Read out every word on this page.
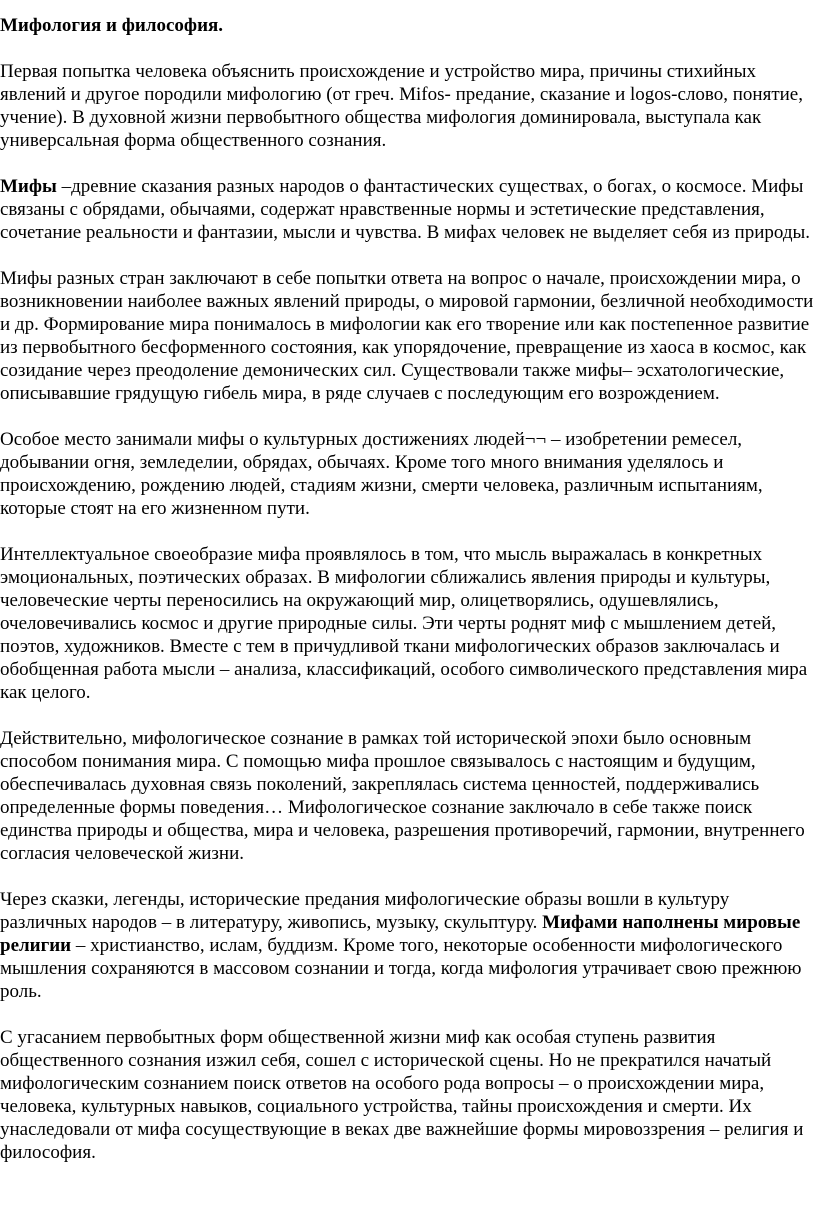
Мифология и философия.

Первая попытка человека объяснить происхождение и устройство мира, причины стихийных явлений и другое породили мифологию (от греч. Mifos- предание, сказание и logos-слово, понятие, учение). В духовной жизни первобытного общества мифология доминировала, выступала как универсальная форма общественного сознания.

Мифы –древние сказания разных народов о фантастических существах, о богах, о космосе. Мифы связаны с обрядами, обычаями, содержат нравственные нормы и эстетические представления, сочетание реальности и фантазии, мысли и чувства. В мифах человек не выделяет себя из природы.

Мифы разных стран заключают в себе попытки ответа на вопрос о начале, происхождении мира, о возникновении наиболее важных явлений природы, о мировой гармонии, безличной необходимости и др. Формирование мира понималось в мифологии как его творение или как постепенное развитие из первобытного бесформенного состояния, как упорядочение, превращение из хаоса в космос, как созидание через преодоление демонических сил. Существовали также мифы– эсхатологические, описывавшие грядущую гибель мира, в ряде случаев с последующим его возрождением.

Особое место занимали мифы о культурных достижениях людей¬¬ – изобретении ремесел, добывании огня, земледелии, обрядах, обычаях. Кроме того много внимания уделялось и происхождению, рождению людей, стадиям жизни, смерти человека, различным испытаниям, которые стоят на его жизненном пути.

Интеллектуальное своеобразие мифа проявлялось в том, что мысль выражалась в конкретных эмоциональных, поэтических образах. В мифологии сближались явления природы и культуры, человеческие черты переносились на окружающий мир, олицетворялись, одушевлялись, очеловечивались космос и другие природные силы. Эти черты роднят миф с мышлением детей, поэтов, художников. Вместе с тем в причудливой ткани мифологических образов заключалась и обобщенная работа мысли – анализа, классификаций, особого символического представления мира как целого.

Действительно, мифологическое сознание в рамках той исторической эпохи было основным способом понимания мира. С помощью мифа прошлое связывалось с настоящим и будущим, обеспечивалась духовная связь поколений, закреплялась система ценностей, поддерживались определенные формы поведения… Мифологическое сознание заключало в себе также поиск единства природы и общества, мира и человека, разрешения противоречий, гармонии, внутреннего согласия человеческой жизни.

Через сказки, легенды, исторические предания мифологические образы вошли в культуру различных народов – в литературу, живопись, музыку, скульптуру. Мифами наполнены мировые религии – христианство, ислам, буддизм. Кроме того, некоторые особенности мифологического мышления сохраняются в массовом сознании и тогда, когда мифология утрачивает свою прежнюю роль.

С угасанием первобытных форм общественной жизни миф как особая ступень развития общественного сознания изжил себя, сошел с исторической сцены. Но не прекратился начатый мифологическим сознанием поиск ответов на особого рода вопросы – о происхождении мира, человека, культурных навыков, социального устройства, тайны происхождения и смерти. Их унаследовали от мифа сосуществующие в веках две важнейшие формы мировоззрения – религия и философия.
